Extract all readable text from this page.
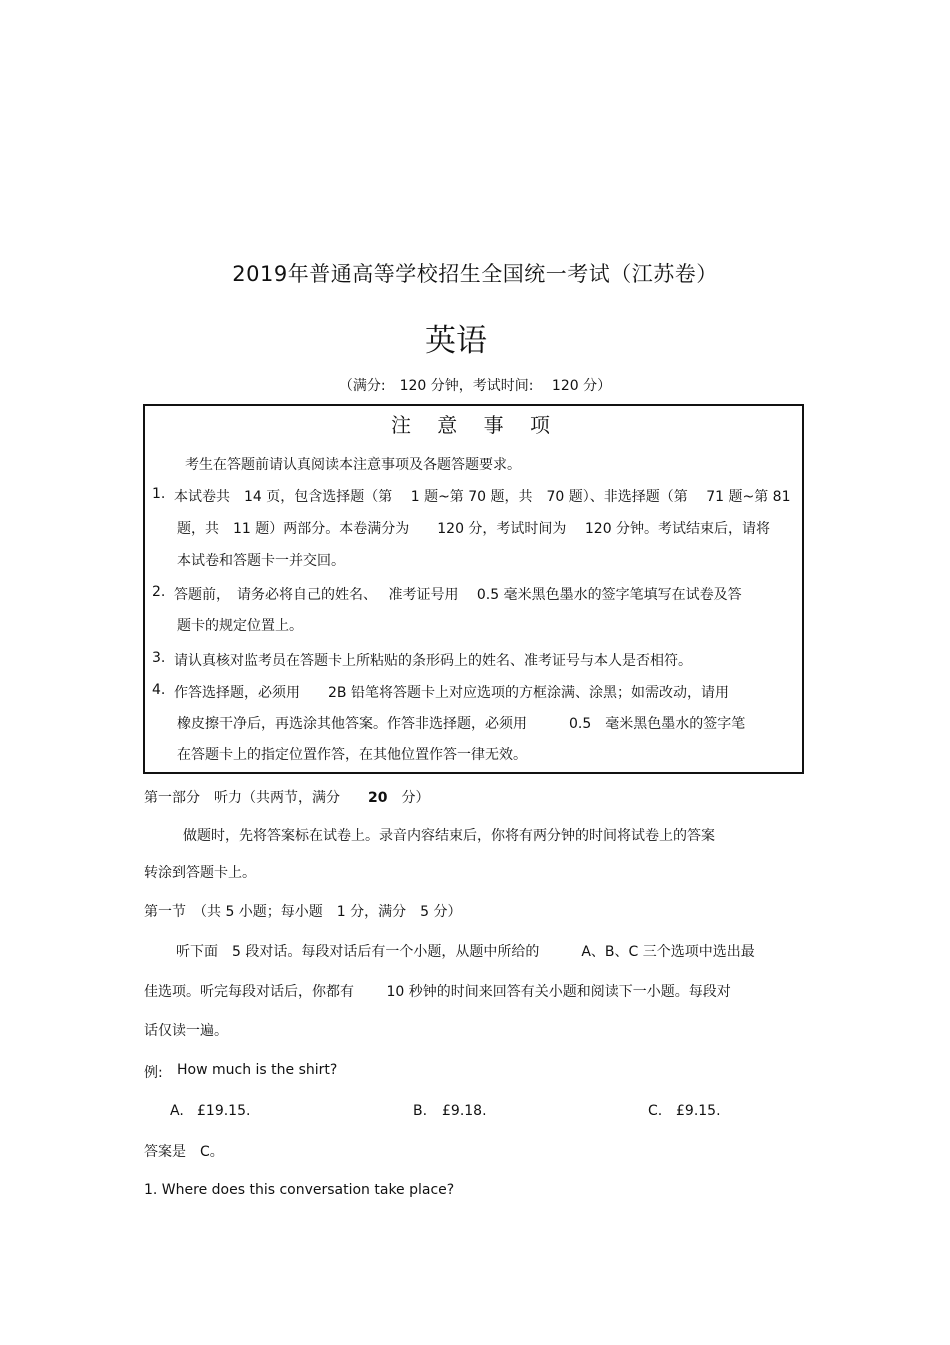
2019年普通高等学校招生全国统一考试（江苏卷）
英语
（满分:　120 分钟，考试时间:　 120 分）
注 意 事 项
考生在答题前请认真阅读本注意事项及各题答题要求。
1. 本试卷共　14 页，包含选择题（第　 1 题~第 70 题，共　70 题）、非选择题（第　 71 题~第 81
题，共　11 题）两部分。本卷满分为　　120 分，考试时间为　 120 分钟。考试结束后，请将
本试卷和答题卡一并交回。
2. 答题前，　请务必将自己的姓名、　 准考证号用　 0.5 毫米黑色墨水的签字笔填写在试卷及答
题卡的规定位置上。
3. 请认真核对监考员在答题卡上所粘贴的条形码上的姓名、准考证号与本人是否相符。
4. 作答选择题，必须用　　2B 铅笔将答题卡上对应选项的方框涂满、涂黑；如需改动，请用
橡皮擦干净后，再选涂其他答案。作答非选择题，必须用　　　0.5　毫米黑色墨水的签字笔
在答题卡上的指定位置作答，在其他位置作答一律无效。
第一部分　听力（共两节，满分　　20　分）
做题时，先将答案标在试卷上。录音内容结束后，你将有两分钟的时间将试卷上的答案
转涂到答题卡上。
第一节　（共 5 小题；每小题　1 分，满分　5 分）
听下面　5 段对话。每段对话后有一个小题，从题中所给的　　　A、B、C 三个选项中选出最
佳选项。听完每段对话后，你都有　　 10 秒钟的时间来回答有关小题和阅读下一小题。每段对
话仅读一遍。
例: How much is the shirt?
A. £19.15.	B. £9.18.	C. £9.15.
答案是　C。
1. Where does this conversation take place?
